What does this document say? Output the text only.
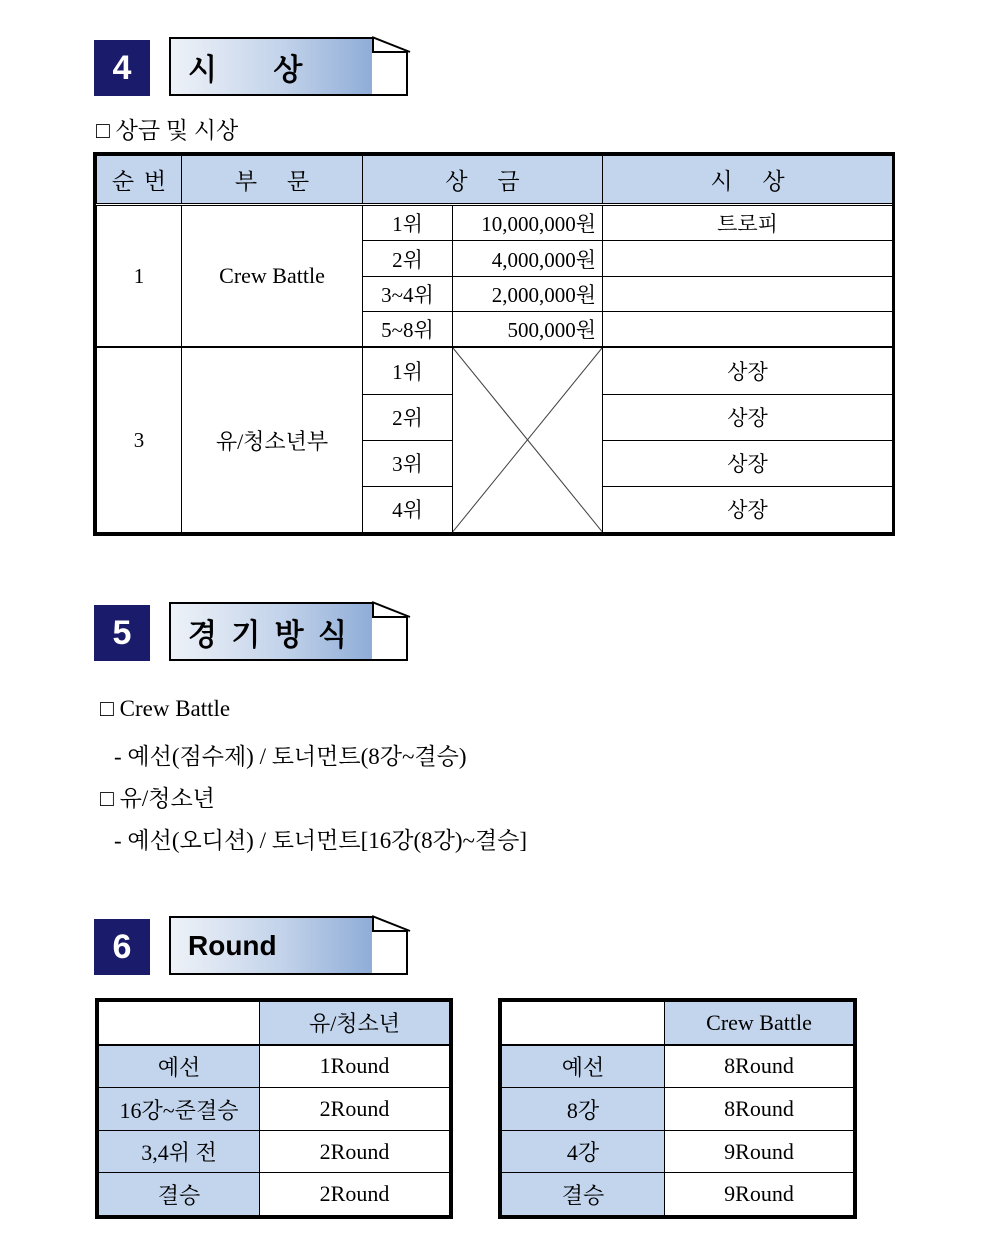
4	시 상
□ 상금 및 시상
순 번	부 문	상 금		시 상
1	Crew Battle	1위	10,000,000원	트로피
		2위	4,000,000원	
		3~4위	2,000,000원	
		5~8위	500,000원	
3	유/청소년부	1위		상장
		2위		상장
		3위		상장
		4위		상장
5	경 기 방 식
□ Crew Battle
- 예선(점수제) / 토너먼트(8강~결승)
□ 유/청소년
- 예선(오디션) / 토너먼트[16강(8강)~결승]
6	Round
	유/청소년
예선	1Round
16강~준결승	2Round
3,4위 전	2Round
결승	2Round
	Crew Battle
예선	8Round
8강	8Round
4강	9Round
결승	9Round
